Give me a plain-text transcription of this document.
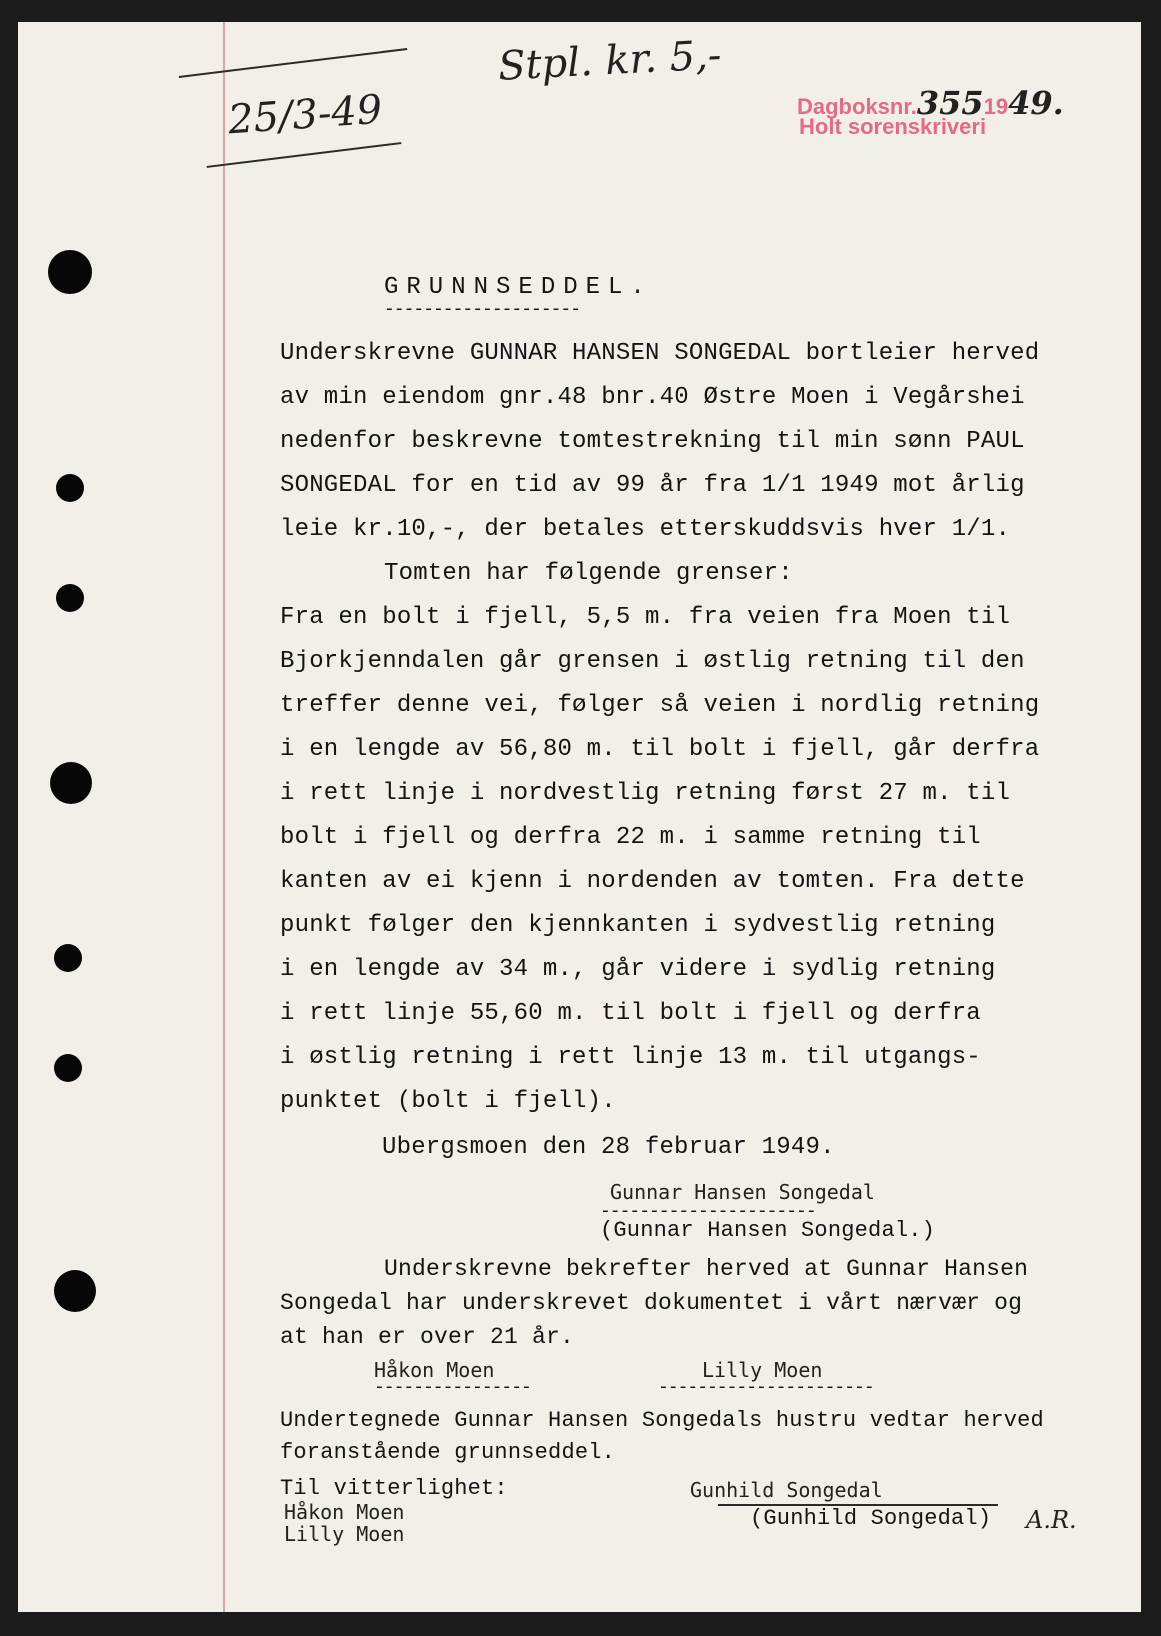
25/3-49
Stpl. kr. 5,-
Dagboksnr.3551949.
Holt sorenskriveri
GRUNNSEDDEL.
--------------------
Underskrevne GUNNAR HANSEN SONGEDAL bortleier herved
av min eiendom gnr.48 bnr.40 Østre Moen i Vegårshei
nedenfor beskrevne tomtestrekning til min sønn PAUL
SONGEDAL for en tid av 99 år fra 1/1 1949 mot årlig
leie kr.10,-, der betales etterskuddsvis hver 1/1.
Tomten har følgende grenser:
Fra en bolt i fjell, 5,5 m. fra veien fra Moen til
Bjorkjenndalen går grensen i østlig retning til den
treffer denne vei, følger så veien i nordlig retning
i en lengde av 56,80 m. til bolt i fjell, går derfra
i rett linje i nordvestlig retning først 27 m. til
bolt i fjell og derfra 22 m. i samme retning til
kanten av ei kjenn i nordenden av tomten. Fra dette
punkt følger den kjennkanten i sydvestlig retning
i en lengde av 34 m., går videre i sydlig retning
i rett linje 55,60 m. til bolt i fjell og derfra
i østlig retning i rett linje 13 m. til utgangs-
punktet (bolt i fjell).
Ubergsmoen den 28 februar 1949.
Gunnar Hansen Songedal
----------------------
(Gunnar Hansen Songedal.)
Underskrevne bekrefter herved at Gunnar Hansen
Songedal har underskrevet dokumentet i vårt nærvær og
at han er over 21 år.
Håkon Moen
----------------
Lilly Moen
----------------------
Undertegnede Gunnar Hansen Songedals hustru vedtar herved
foranstående grunnseddel.
Til vitterlighet:
Håkon Moen
Lilly Moen
Gunhild Songedal
(Gunhild Songedal) A.R.
